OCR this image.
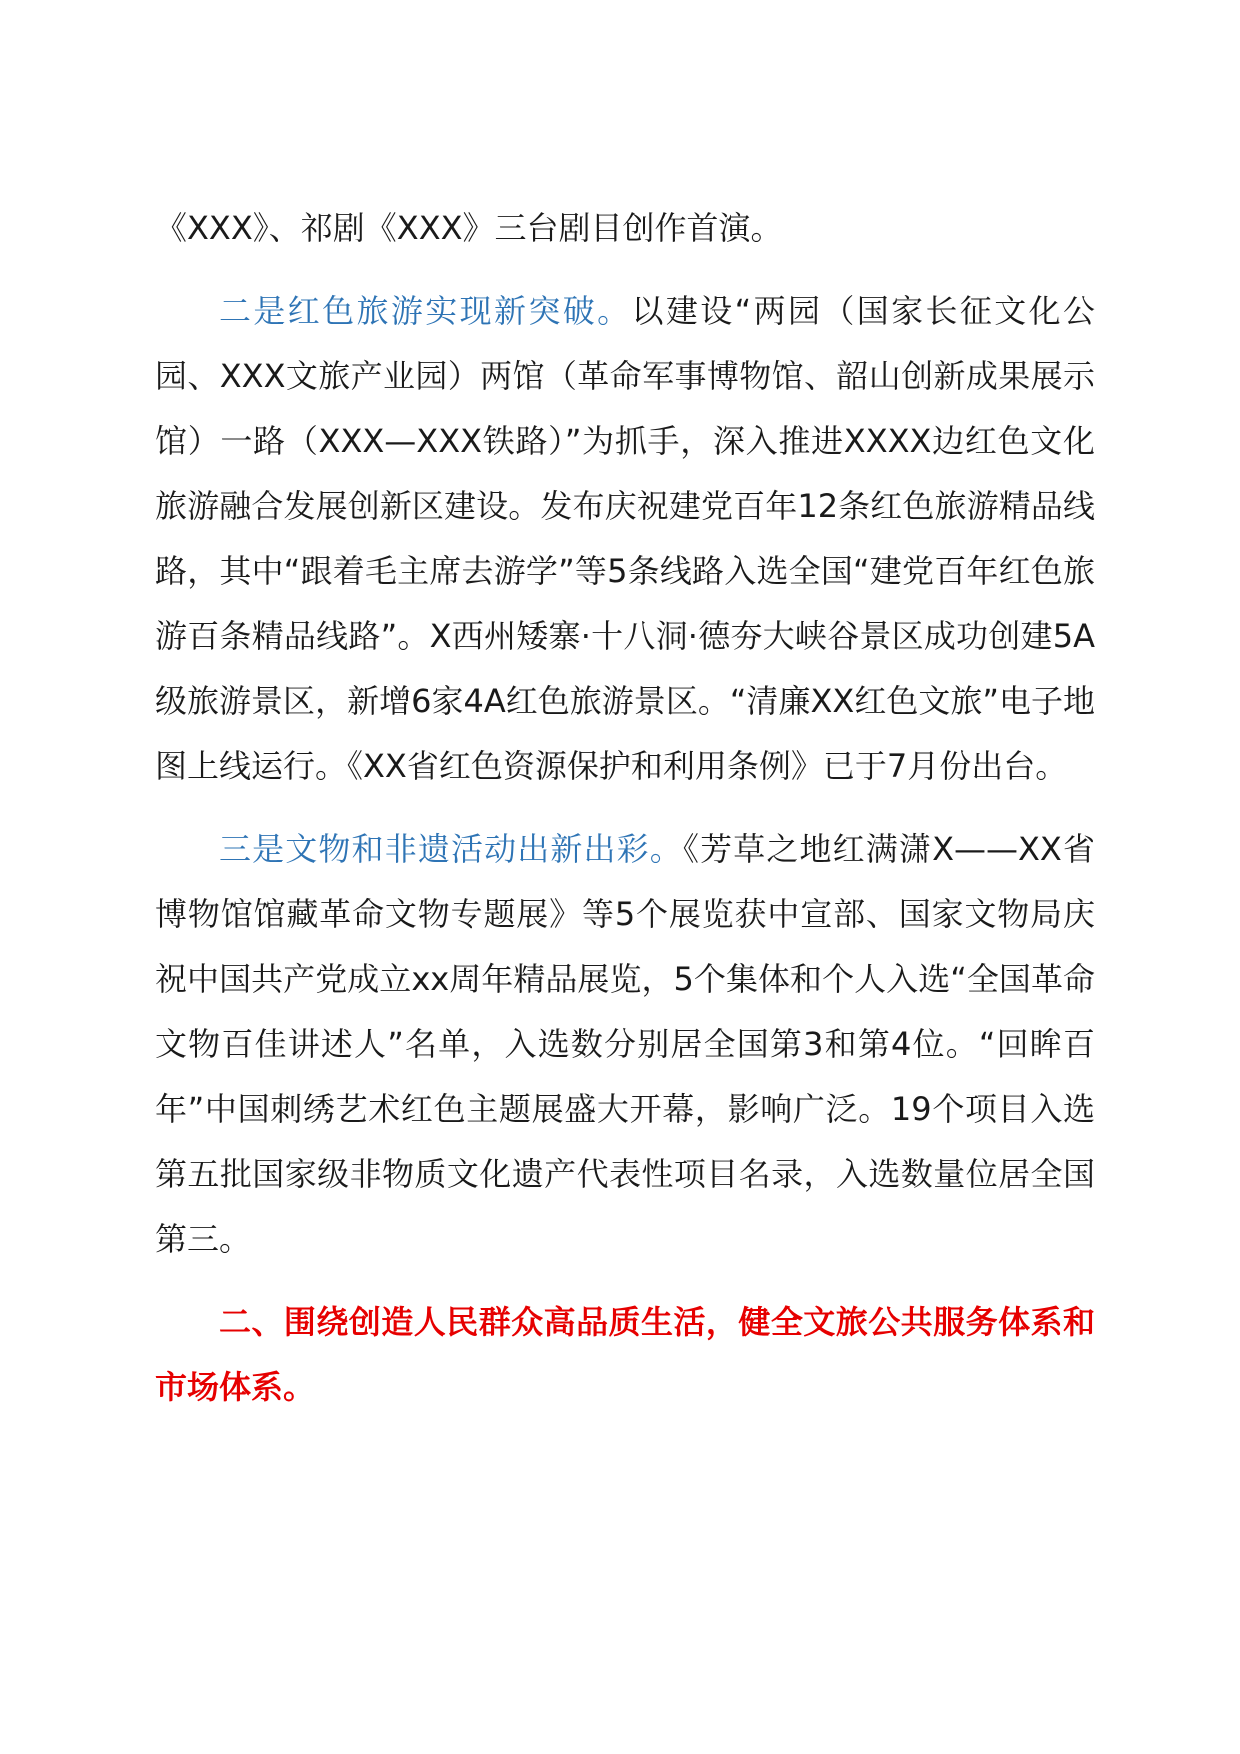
《XXX》、祁剧《XXX》三台剧目创作首演。

二是红色旅游实现新突破。以建设“两园（国家长征文化公园、XXX文旅产业园）两馆（革命军事博物馆、韶山创新成果展示馆）一路（XXX—XXX铁路）”为抓手，深入推进XXXX边红色文化旅游融合发展创新区建设。发布庆祝建党百年12条红色旅游精品线路，其中“跟着毛主席去游学”等5条线路入选全国“建党百年红色旅游百条精品线路”。X西州矮寨·十八洞·德夯大峡谷景区成功创建5A级旅游景区，新增6家4A红色旅游景区。“清廉XX红色文旅”电子地图上线运行。《XX省红色资源保护和利用条例》已于7月份出台。

三是文物和非遗活动出新出彩。《芳草之地红满潇X——XX省博物馆馆藏革命文物专题展》等5个展览获中宣部、国家文物局庆祝中国共产党成立xx周年精品展览，5个集体和个人入选“全国革命文物百佳讲述人”名单，入选数分别居全国第3和第4位。“回眸百年”中国刺绣艺术红色主题展盛大开幕，影响广泛。19个项目入选第五批国家级非物质文化遗产代表性项目名录，入选数量位居全国第三。

二、围绕创造人民群众高品质生活，健全文旅公共服务体系和市场体系。
